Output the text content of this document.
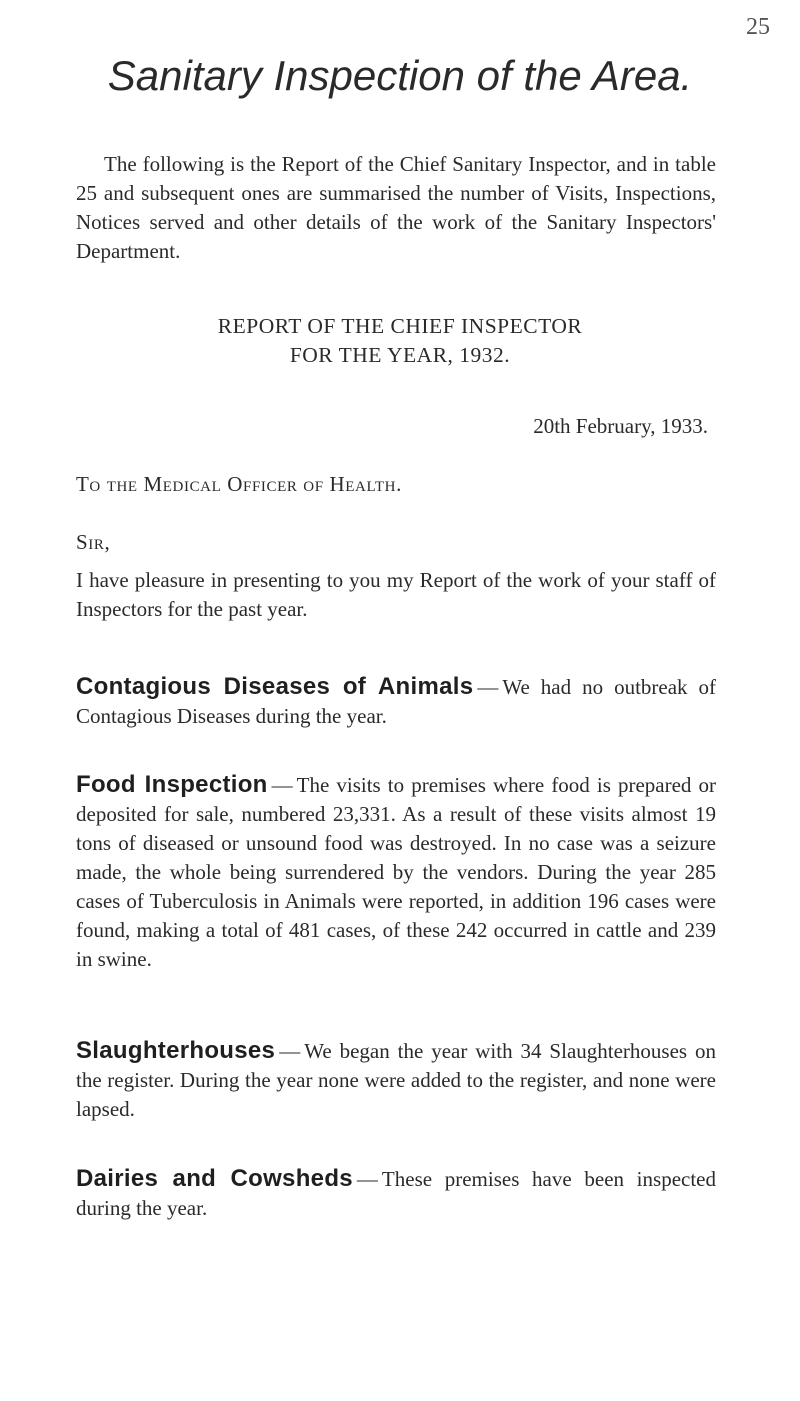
25
Sanitary Inspection of the Area.

The following is the Report of the Chief Sanitary Inspector, and in table 25 and subsequent ones are summarised the number of Visits, Inspections, Notices served and other details of the work of the Sanitary Inspectors' Department.

REPORT OF THE CHIEF INSPECTOR
FOR THE YEAR, 1932.
20th February, 1933.
To the Medical Officer of Health.
Sir,

I have pleasure in presenting to you my Report of the work of your staff of Inspectors for the past year.

Contagious Diseases of Animals — We had no outbreak of Contagious Diseases during the year.

Food Inspection — The visits to premises where food is prepared or deposited for sale, numbered 23,331. As a result of these visits almost 19 tons of diseased or unsound food was destroyed. In no case was a seizure made, the whole being surrendered by the vendors. During the year 285 cases of Tuberculosis in Animals were reported, in addition 196 cases were found, making a total of 481 cases, of these 242 occurred in cattle and 239 in swine.

Slaughterhouses — We began the year with 34 Slaughterhouses on the register. During the year none were added to the register, and none were lapsed.

Dairies and Cowsheds — These premises have been inspected during the year.
